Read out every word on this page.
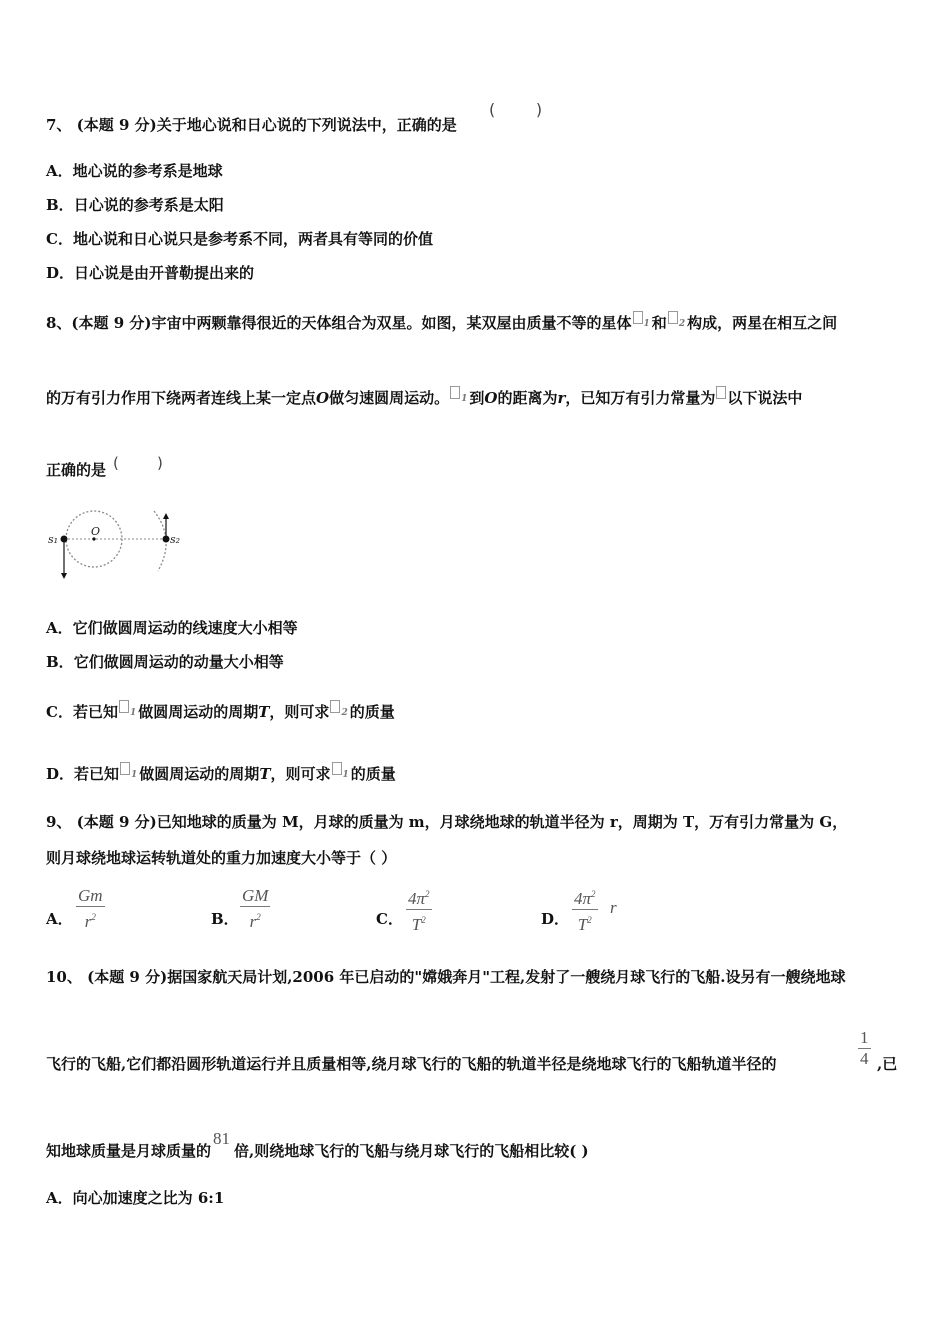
7、 (本题 9 分)关于地心说和日心说的下列说法中，正确的是
(        )
A．地心说的参考系是地球
B．日心说的参考系是太阳
C．地心说和日心说只是参考系不同，两者具有等同的价值
D．日心说是由开普勒提出来的
8、(本题 9 分)宇宙中两颗靠得很近的天体组合为双星。如图，某双屋由质量不等的星体 $^1$ 和 $^2$ 构成，两星在相互之间
的万有引力作用下绕两者连线上某一定点O做匀速圆周运动。 $^1$ 到O的距离为r，已知万有引力常量为 以下说法中
正确的是 (        )
s₁
O
s₂
A．它们做圆周运动的线速度大小相等
B．它们做圆周运动的动量大小相等
C．若已知 $^1$ 做圆周运动的周期T，则可求 $^2$ 的质量
D．若已知 $^1$ 做圆周运动的周期T，则可求 $^1$ 的质量
9、 (本题 9 分)已知地球的质量为 M，月球的质量为 m，月球绕地球的轨道半径为 r，周期为 T，万有引力常量为 G，
则月球绕地球运转轨道处的重力加速度大小等于（ ）
A．
Gm
$r^2$	B．
GM
$r^2$	C．
$4\pi^2$
$T^2$	D．
$4\pi^2$
$T^2$
r
10、 (本题 9 分)据国家航天局计划,2006 年已启动的"嫦娥奔月"工程,发射了一艘绕月球飞行的飞船.设另有一艘绕地球
飞行的飞船,它们都沿圆形轨道运行并且质量相等,绕月球飞行的飞船的轨道半径是绕地球飞行的飞船轨道半径的
1
4 ,已
知地球质量是月球质量的81倍,则绕地球飞行的飞船与绕月球飞行的飞船相比较( )
A．向心加速度之比为 6:1
